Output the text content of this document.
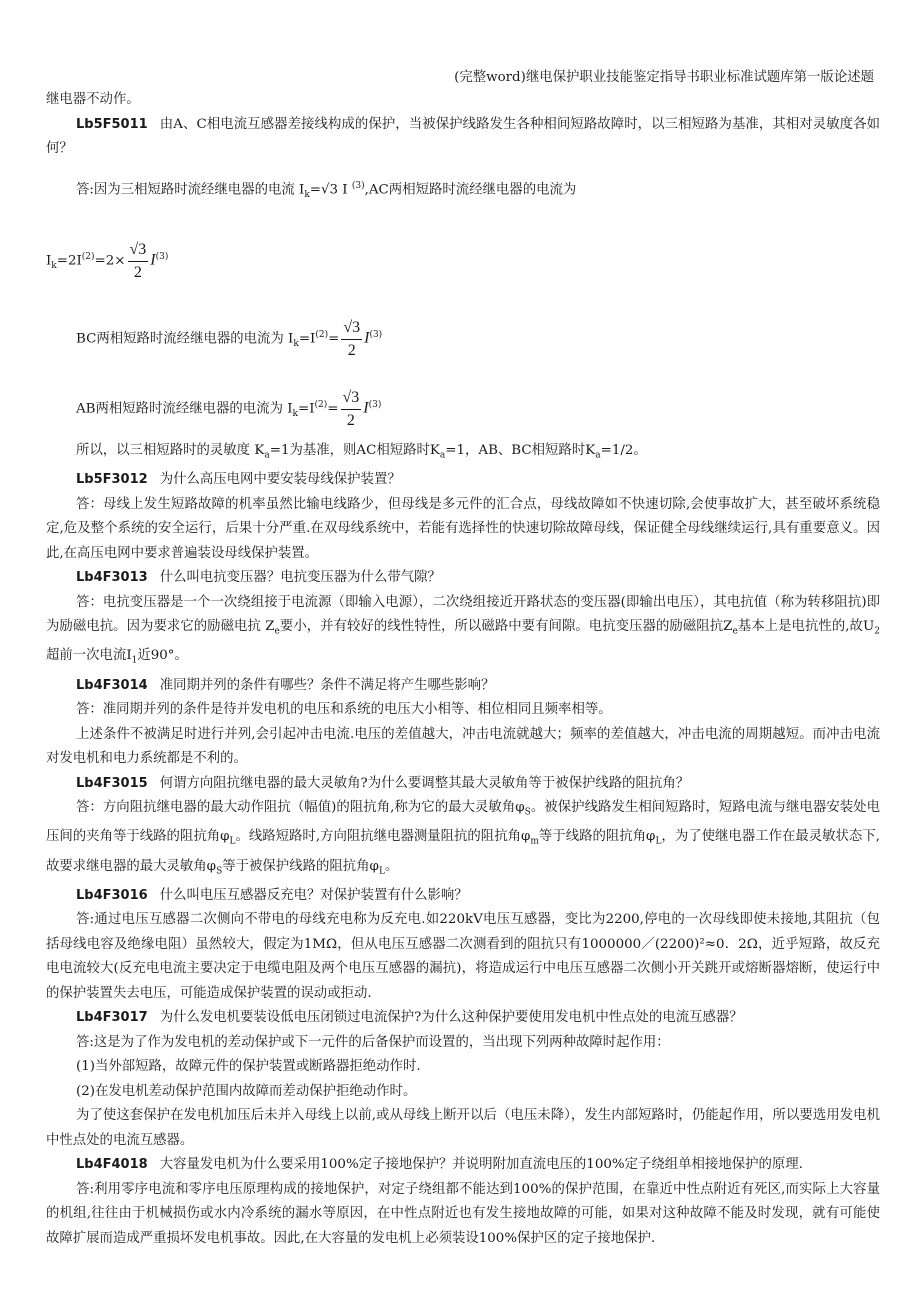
(完整word)继电保护职业技能鉴定指导书职业标准试题库第一版论述题

继电器不动作。

Lb5F5011 由A、C相电流互感器差接线构成的保护，当被保护线路发生各种相间短路故障时，以三相短路为基准，其相对灵敏度各如何？

答:因为三相短路时流经继电器的电流 $I_k=√3$ I $^{(3)}$,AC两相短路时流经继电器的电流为

$I_k=2I^{(2)}=2\times \frac{√3}{2} I^{(3)}$
BC两相短路时流经继电器的电流为 $I_k=I^{(2)}= \frac{√3}{2} I^{(3)}$
AB两相短路时流经继电器的电流为 $I_k=I^{(2)}= \frac{√3}{2} I^{(3)}$

所以，以三相短路时的灵敏度 $K_a=1$为基准，则AC相短路时$K_a=1$，AB、BC相短路时$K_a=1/2$。

Lb5F3012 为什么高压电网中要安装母线保护装置？

答：母线上发生短路故障的机率虽然比输电线路少，但母线是多元件的汇合点，母线故障如不快速切除,会使事故扩大，甚至破坏系统稳定,危及整个系统的安全运行，后果十分严重.在双母线系统中，若能有选择性的快速切除故障母线，保证健全母线继续运行,具有重要意义。因此,在高压电网中要求普遍装设母线保护装置。

Lb4F3013 什么叫电抗变压器？电抗变压器为什么带气隙？

答：电抗变压器是一个一次绕组接于电流源（即输入电源），二次绕组接近开路状态的变压器(即输出电压），其电抗值（称为转移阻抗)即为励磁电抗。因为要求它的励磁电抗 $Z_e$要小，并有较好的线性特性，所以磁路中要有间隙。电抗变压器的励磁阻抗$Z_e$基本上是电抗性的,故$U_2$超前一次电流$I_1$近90°。

Lb4F3014 准同期并列的条件有哪些？条件不满足将产生哪些影响？

答：准同期并列的条件是待并发电机的电压和系统的电压大小相等、相位相同且频率相等。

上述条件不被满足时进行并列,会引起冲击电流.电压的差值越大，冲击电流就越大；频率的差值越大，冲击电流的周期越短。而冲击电流对发电机和电力系统都是不利的。

Lb4F3015 何谓方向阻抗继电器的最大灵敏角?为什么要调整其最大灵敏角等于被保护线路的阻抗角？

答：方向阻抗继电器的最大动作阻抗（幅值)的阻抗角,称为它的最大灵敏角$\varphi_S$。被保护线路发生相间短路时，短路电流与继电器安装处电压间的夹角等于线路的阻抗角$\varphi_L$。线路短路时,方向阻抗继电器测量阻抗的阻抗角$\varphi_m$等于线路的阻抗角$\varphi_L$，为了使继电器工作在最灵敏状态下,故要求继电器的最大灵敏角$\varphi_S$等于被保护线路的阻抗角$\varphi_L$。

Lb4F3016 什么叫电压互感器反充电？对保护装置有什么影响？

答:通过电压互感器二次侧向不带电的母线充电称为反充电.如220kV电压互感器，变比为2200,停电的一次母线即使未接地,其阻抗（包括母线电容及绝缘电阻）虽然较大，假定为1MΩ，但从电压互感器二次测看到的阻抗只有1000000／(2200)²≈0．2Ω，近乎短路，故反充电电流较大(反充电电流主要决定于电缆电阻及两个电压互感器的漏抗)，将造成运行中电压互感器二次侧小开关跳开或熔断器熔断，使运行中的保护装置失去电压，可能造成保护装置的误动或拒动.

Lb4F3017 为什么发电机要装设低电压闭锁过电流保护?为什么这种保护要使用发电机中性点处的电流互感器？

答:这是为了作为发电机的差动保护或下一元件的后备保护而设置的，当出现下列两种故障时起作用：

(1)当外部短路，故障元件的保护装置或断路器拒绝动作时.

(2)在发电机差动保护范围内故障而差动保护拒绝动作时。

为了使这套保护在发电机加压后未并入母线上以前,或从母线上断开以后（电压未降），发生内部短路时，仍能起作用，所以要选用发电机中性点处的电流互感器。

Lb4F4018 大容量发电机为什么要采用100%定子接地保护？并说明附加直流电压的100%定子绕组单相接地保护的原理.

答:利用零序电流和零序电压原理构成的接地保护，对定子绕组都不能达到100%的保护范围，在靠近中性点附近有死区,而实际上大容量的机组,往往由于机械损伤或水内冷系统的漏水等原因，在中性点附近也有发生接地故障的可能，如果对这种故障不能及时发现，就有可能使故障扩展而造成严重损坏发电机事故。因此,在大容量的发电机上必须装设100%保护区的定子接地保护.
